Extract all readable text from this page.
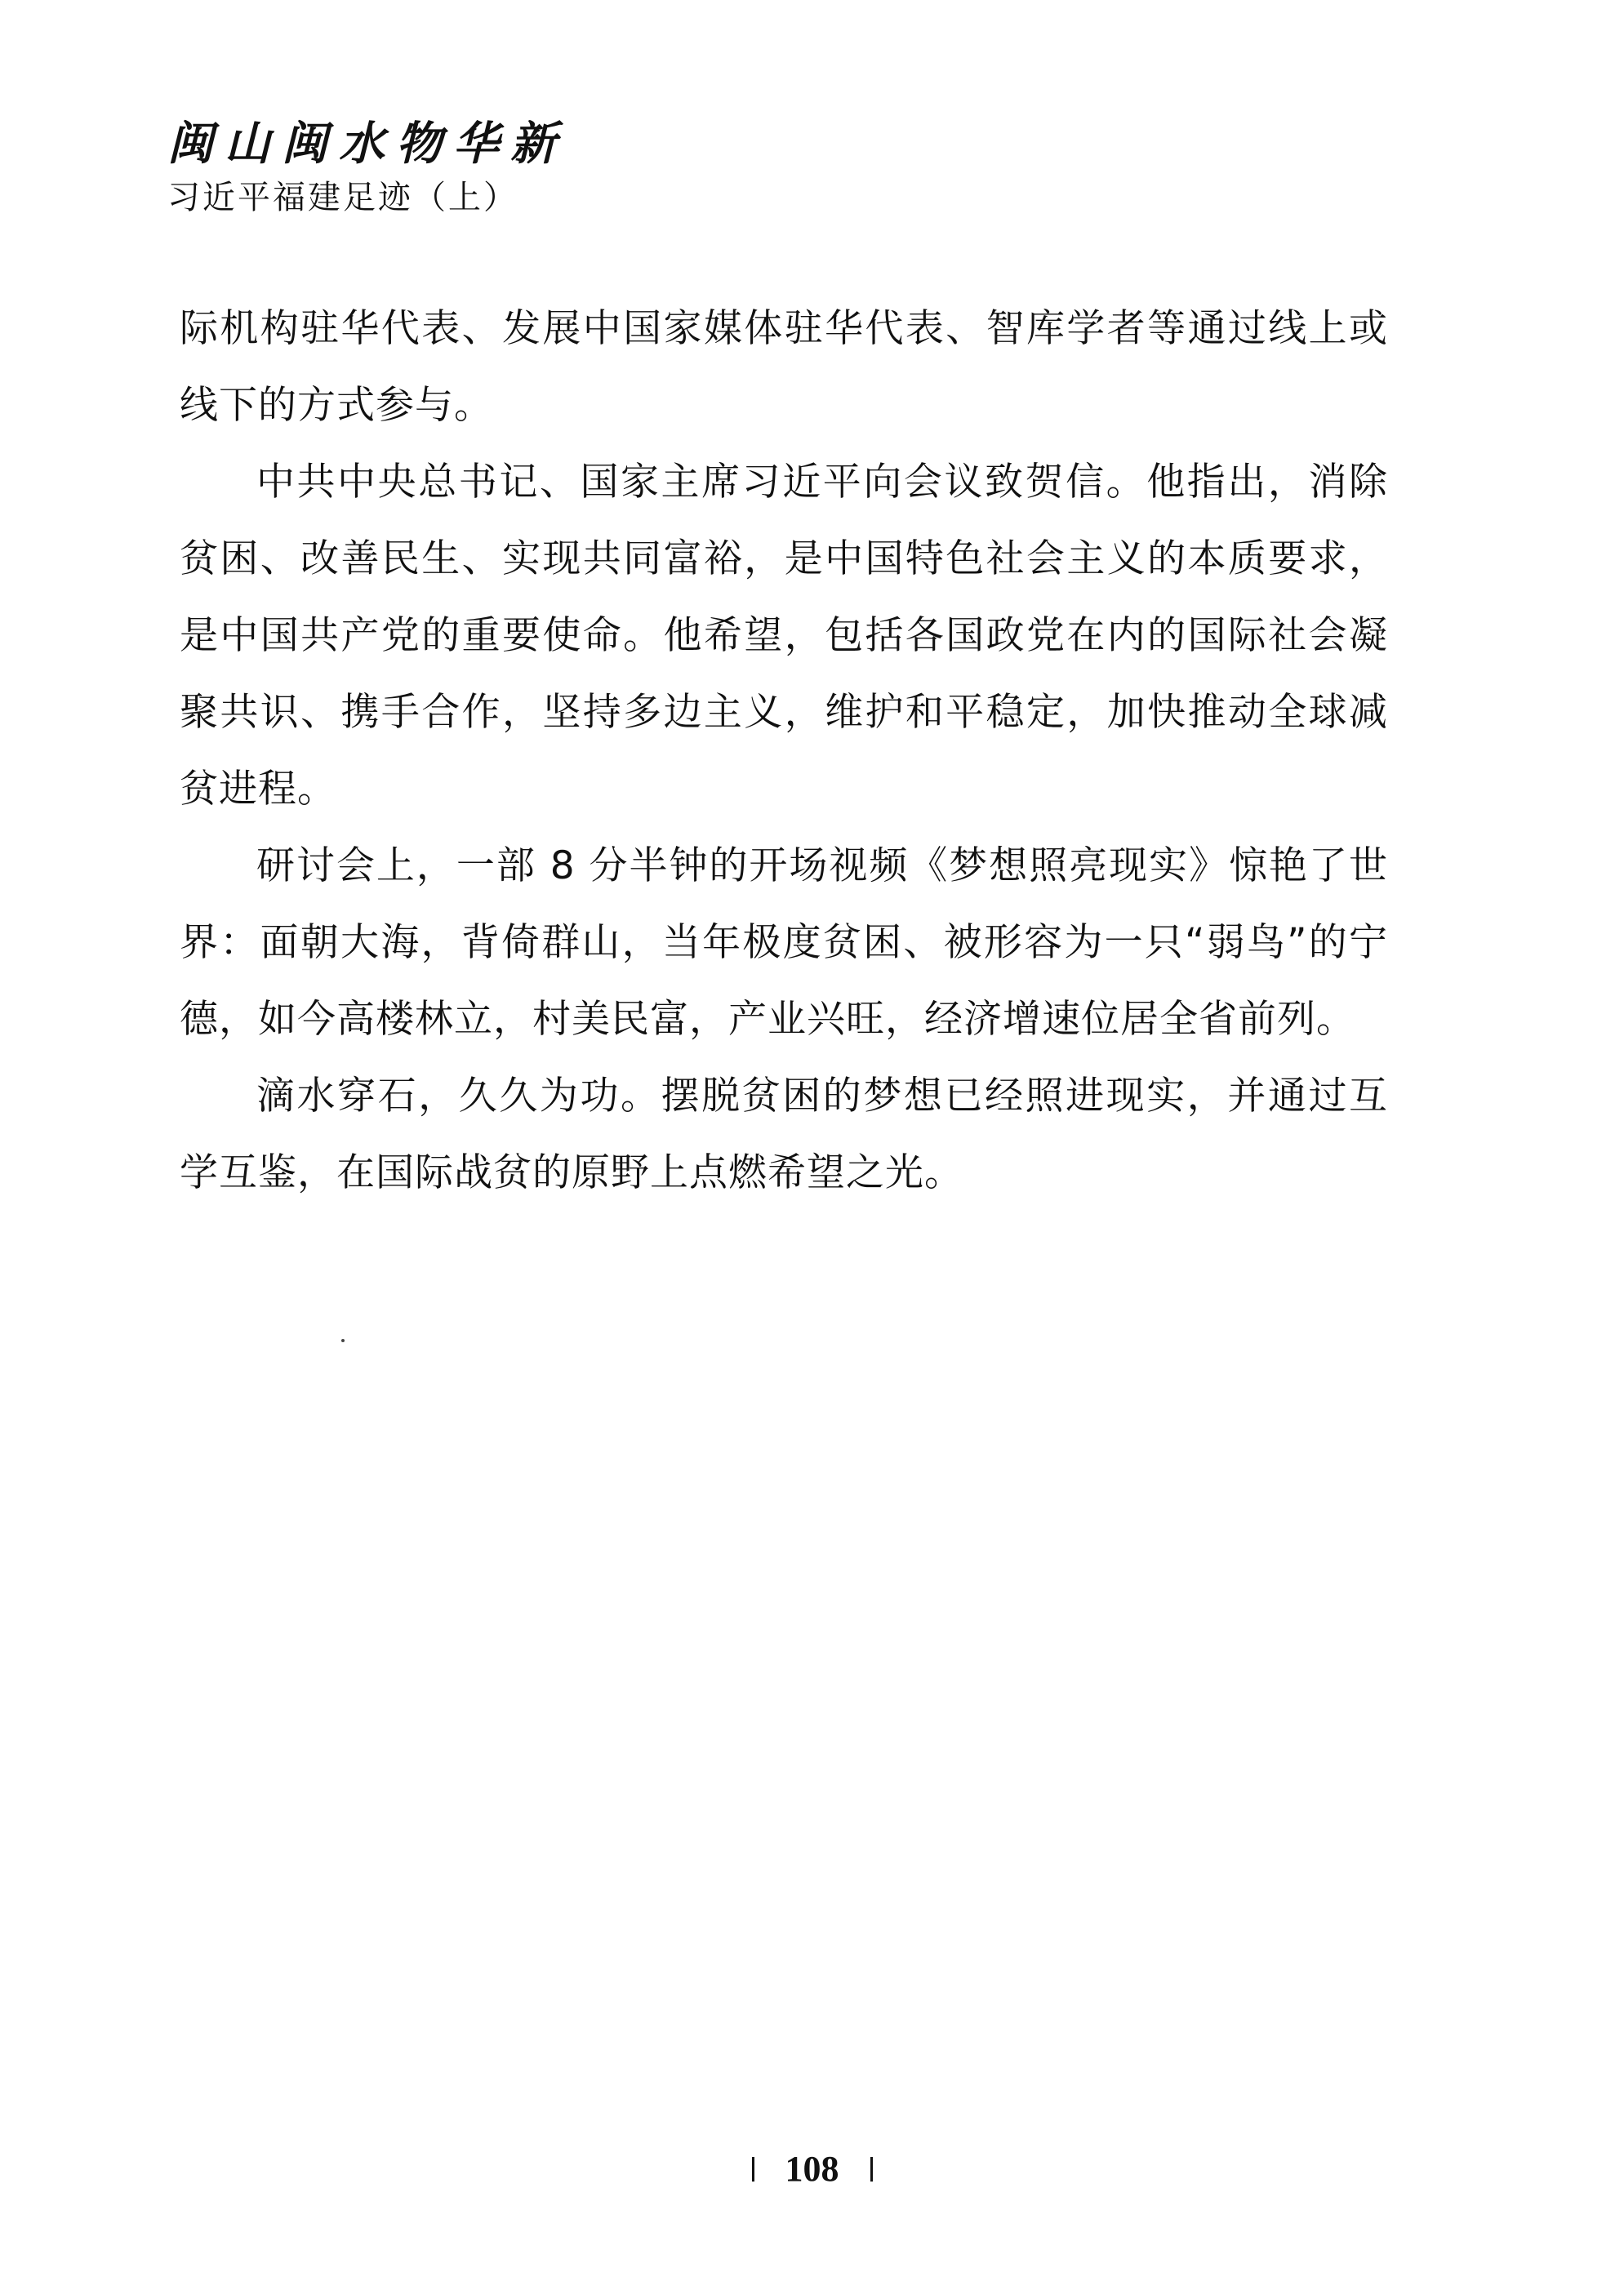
闽山闽水物华新
习近平福建足迹（上）

际机构驻华代表、发展中国家媒体驻华代表、智库学者等通过线上或线下的方式参与。

中共中央总书记、国家主席习近平向会议致贺信。他指出，消除贫困、改善民生、实现共同富裕，是中国特色社会主义的本质要求，是中国共产党的重要使命。他希望，包括各国政党在内的国际社会凝聚共识、携手合作，坚持多边主义，维护和平稳定，加快推动全球减贫进程。

研讨会上，一部 8 分半钟的开场视频《梦想照亮现实》惊艳了世界：面朝大海，背倚群山，当年极度贫困、被形容为一只“弱鸟”的宁德，如今高楼林立，村美民富，产业兴旺，经济增速位居全省前列。

滴水穿石，久久为功。摆脱贫困的梦想已经照进现实，并通过互学互鉴，在国际战贫的原野上点燃希望之光。

108
